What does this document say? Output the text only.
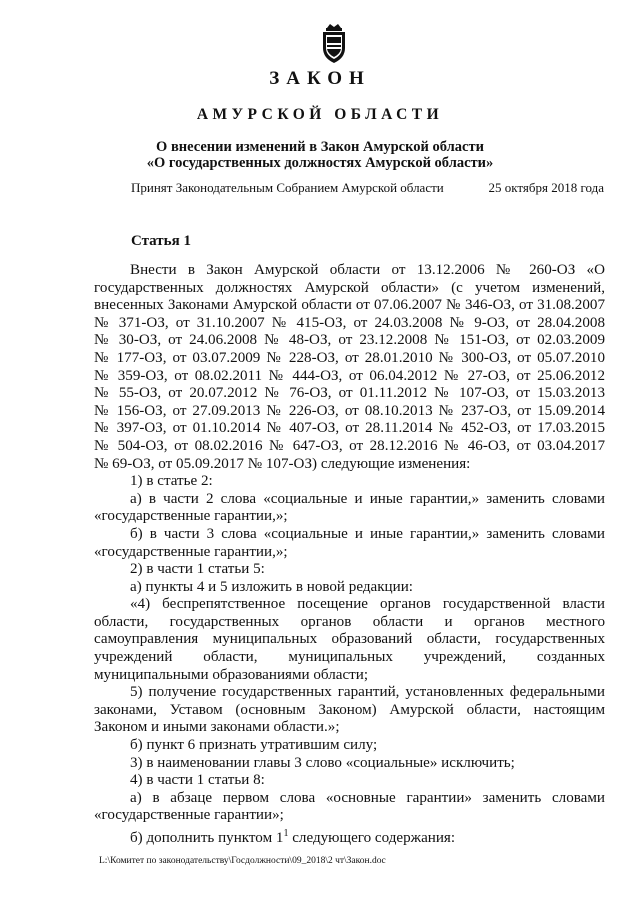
ЗАКОН
АМУРСКОЙ ОБЛАСТИ
О внесении изменений в Закон Амурской области
«О государственных должностях Амурской области»
Принят Законодательным Собранием Амурской области	25 октября 2018 года
Статья 1

Внести в Закон Амурской области от 13.12.2006 № 260-ОЗ «О

государственных должностях Амурской области» (с учетом изменений,

внесенных Законами Амурской области от 07.06.2007 № 346-ОЗ, от 31.08.2007

№ 371-ОЗ, от 31.10.2007 № 415-ОЗ, от 24.03.2008 № 9-ОЗ, от 28.04.2008

№ 30-ОЗ, от 24.06.2008 № 48-ОЗ, от 23.12.2008 № 151-ОЗ, от 02.03.2009

№ 177-ОЗ, от 03.07.2009 № 228-ОЗ, от 28.01.2010 № 300-ОЗ, от 05.07.2010

№ 359-ОЗ, от 08.02.2011 № 444-ОЗ, от 06.04.2012 № 27-ОЗ, от 25.06.2012

№ 55-ОЗ, от 20.07.2012 № 76-ОЗ, от 01.11.2012 № 107-ОЗ, от 15.03.2013

№ 156-ОЗ, от 27.09.2013 № 226-ОЗ, от 08.10.2013 № 237-ОЗ, от 15.09.2014

№ 397-ОЗ, от 01.10.2014 № 407-ОЗ, от 28.11.2014 № 452-ОЗ, от 17.03.2015

№ 504-ОЗ, от 08.02.2016 № 647-ОЗ, от 28.12.2016 № 46-ОЗ, от 03.04.2017

№ 69-ОЗ, от 05.09.2017 № 107-ОЗ) следующие изменения:

1) в статье 2:

а) в части 2 слова «социальные и иные гарантии,» заменить словами

«государственные гарантии,»;

б) в части 3 слова «социальные и иные гарантии,» заменить словами

«государственные гарантии,»;

2) в части 1 статьи 5:

а) пункты 4 и 5 изложить в новой редакции:

«4) беспрепятственное посещение органов государственной власти

области, государственных органов области и органов местного

самоуправления муниципальных образований области, государственных

учреждений области, муниципальных учреждений, созданных

муниципальными образованиями области;

5) получение государственных гарантий, установленных федеральными

законами, Уставом (основным Законом) Амурской области, настоящим

Законом и иными законами области.»;

б) пункт 6 признать утратившим силу;

3) в наименовании главы 3 слово «социальные» исключить;

4) в части 1 статьи 8:

а) в абзаце первом слова «основные гарантии» заменить словами

«государственные гарантии»;

б) дополнить пунктом $1^1$ следующего содержания:

L:\Комитет по законодательству\Госдолжности\09_2018\2 чт\Закон.doc
